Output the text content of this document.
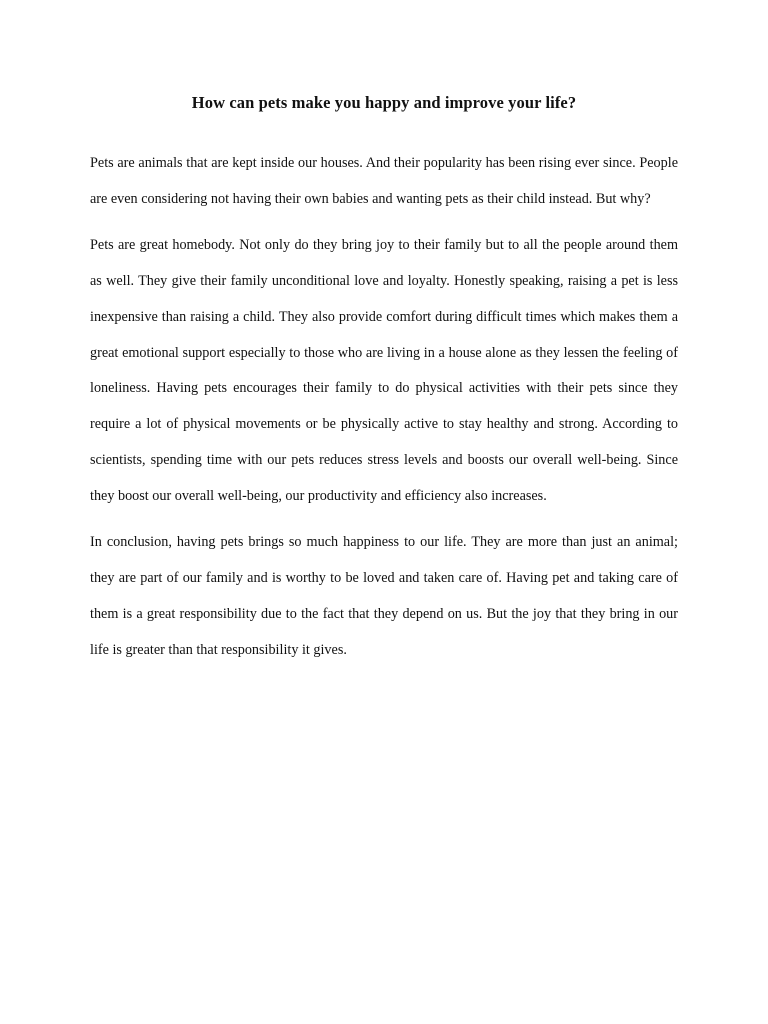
How can pets make you happy and improve your life?

Pets are animals that are kept inside our houses. And their popularity has been rising ever since. People are even considering not having their own babies and wanting pets as their child instead. But why?

Pets are great homebody. Not only do they bring joy to their family but to all the people around them as well. They give their family unconditional love and loyalty. Honestly speaking, raising a pet is less inexpensive than raising a child. They also provide comfort during difficult times which makes them a great emotional support especially to those who are living in a house alone as they lessen the feeling of loneliness. Having pets encourages their family to do physical activities with their pets since they require a lot of physical movements or be physically active to stay healthy and strong. According to scientists, spending time with our pets reduces stress levels and boosts our overall well-being. Since they boost our overall well-being, our productivity and efficiency also increases.

In conclusion, having pets brings so much happiness to our life. They are more than just an animal; they are part of our family and is worthy to be loved and taken care of. Having pet and taking care of them is a great responsibility due to the fact that they depend on us. But the joy that they bring in our life is greater than that responsibility it gives.
